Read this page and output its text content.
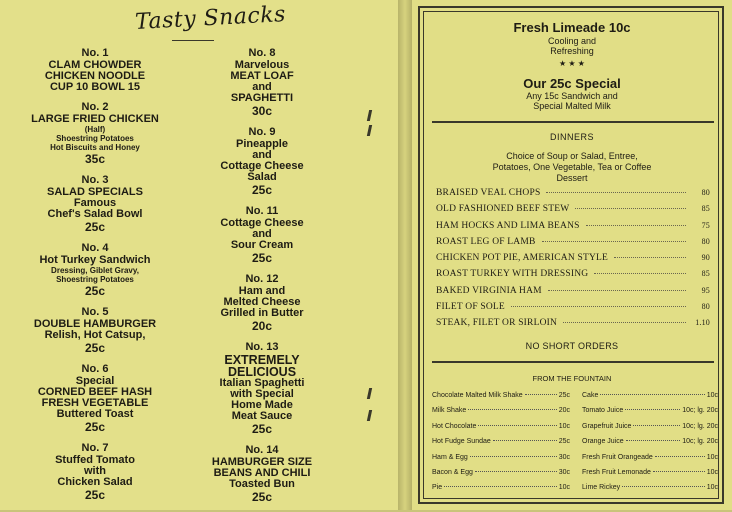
Tasty Snacks
No. 1
CLAM CHOWDER
CHICKEN NOODLE
CUP 10 BOWL 15
No. 2
LARGE FRIED CHICKEN
(Half)
Shoestring Potatoes
Hot Biscuits and Honey
35c
No. 3
SALAD SPECIALS
Famous
Chef's Salad Bowl
25c
No. 4
Hot Turkey Sandwich
Dressing, Giblet Gravy,
Shoestring Potatoes
25c
No. 5
DOUBLE HAMBURGER
Relish, Hot Catsup,
25c
No. 6
Special
CORNED BEEF HASH
FRESH VEGETABLE
Buttered Toast
25c
No. 7
Stuffed Tomato
with
Chicken Salad
25c
No. 8
Marvelous
MEAT LOAF
and
SPAGHETTI
30c
No. 9
Pineapple
and
Cottage Cheese
Salad
25c
No. 11
Cottage Cheese
and
Sour Cream
25c
No. 12
Ham and
Melted Cheese
Grilled in Butter
20c
No. 13
EXTREMELY
DELICIOUS
Italian Spaghetti
with Special
Home Made
Meat Sauce
25c
No. 14
HAMBURGER SIZE
BEANS AND CHILI
Toasted Bun
25c
Fresh Limeade 10c
Cooling and
Refreshing
★ ★ ★
Our 25c Special
Any 15c Sandwich and
Special Malted Milk
DINNERS
Choice of Soup or Salad, Entree,
Potatoes, One Vegetable, Tea or Coffee
Dessert
BRAISED VEAL CHOPS	80
OLD FASHIONED BEEF STEW	85
HAM HOCKS AND LIMA BEANS	75
ROAST LEG OF LAMB	80
CHICKEN POT PIE, AMERICAN STYLE	90
ROAST TURKEY WITH DRESSING	85
BAKED VIRGINIA HAM	95
FILET OF SOLE	80
STEAK, FILET OR SIRLOIN	1.10
NO SHORT ORDERS
FROM THE FOUNTAIN
Chocolate Malted Milk Shake	25c
Milk Shake	20c
Hot Chocolate	10c
Hot Fudge Sundae	25c
Ham & Egg	30c
Bacon & Egg	30c
Pie	10c
Cake	10c
Tomato Juice	10c; lg. 20c
Grapefruit Juice	10c; lg. 20c
Orange Juice	10c; lg. 20c
Fresh Fruit Orangeade	10c
Fresh Fruit Lemonade	10c
Lime Rickey	10c
